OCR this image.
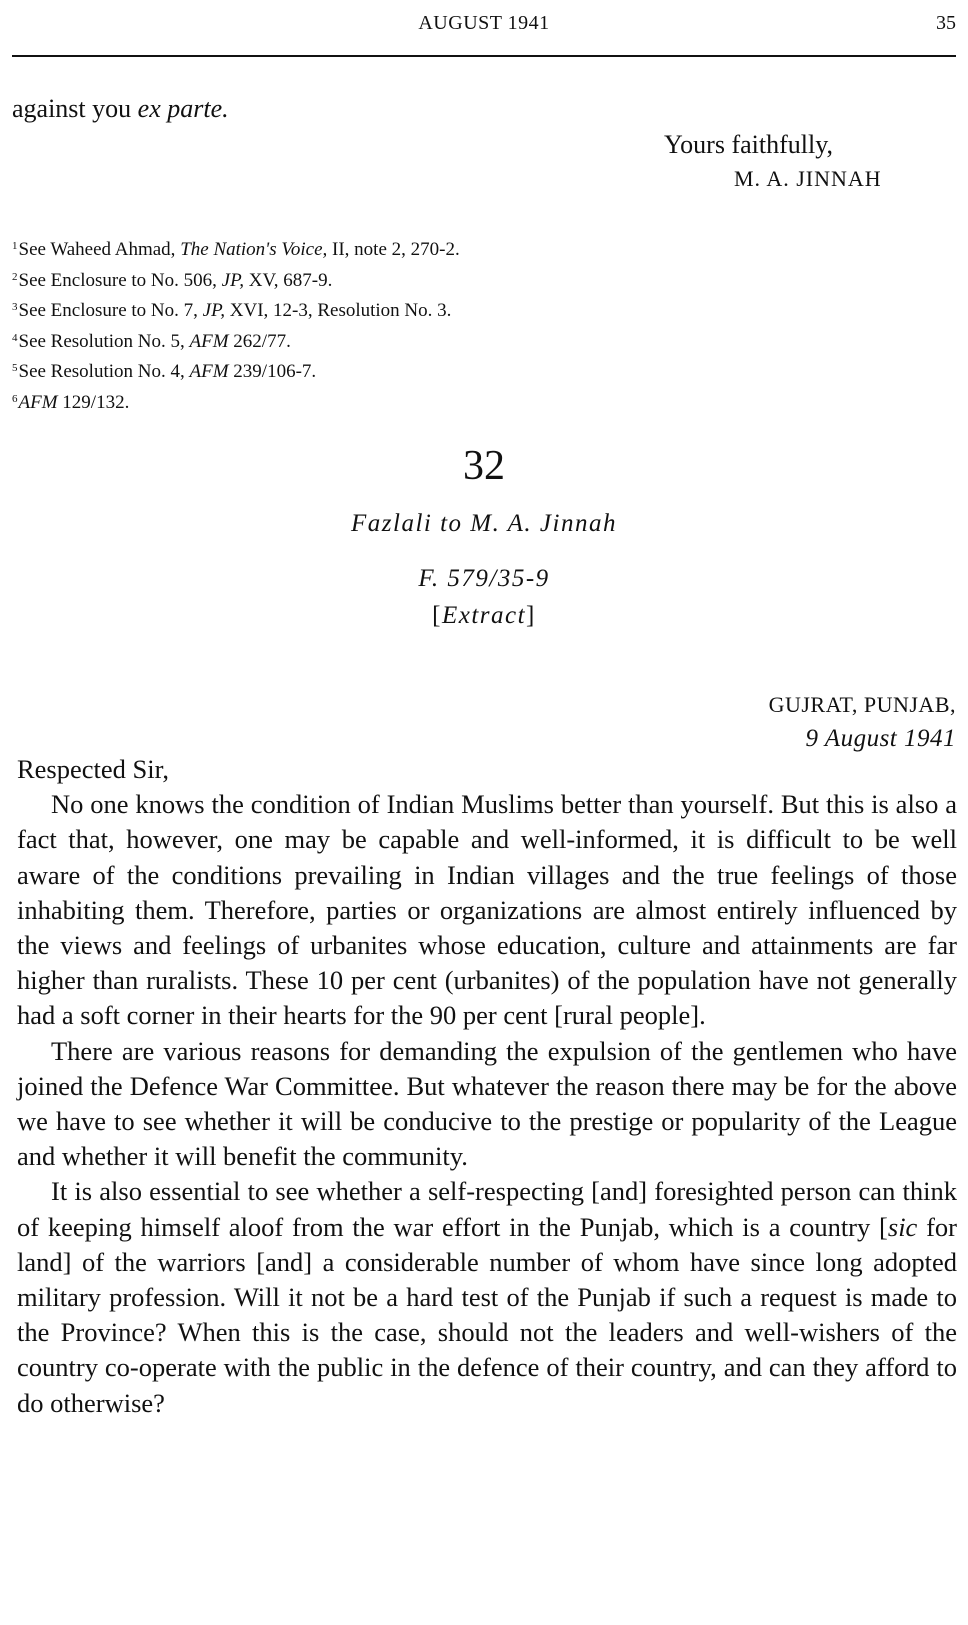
AUGUST 1941	35
against you ex parte.
Yours faithfully,
M. A. JINNAH
$^1$See Waheed Ahmad, The Nation's Voice, II, note 2, 270-2.
$^2$See Enclosure to No. 506, JP, XV, 687-9.
$^3$See Enclosure to No. 7, JP, XVI, 12-3, Resolution No. 3.
$^4$See Resolution No. 5, AFM 262/77.
$^5$See Resolution No. 4, AFM 239/106-7.
$^6$AFM 129/132.
32
Fazlali to M. A. Jinnah
F. 579/35-9
[Extract]
GUJRAT, PUNJAB,
9 August 1941
Respected Sir,

No one knows the condition of Indian Muslims better than yourself. But this is also a fact that, however, one may be capable and well-informed, it is difficult to be well aware of the conditions prevailing in Indian villages and the true feelings of those inhabiting them. Therefore, parties or organizations are almost entirely influenced by the views and feelings of urbanites whose education, culture and attainments are far higher than ruralists. These 10 per cent (urbanites) of the population have not generally had a soft corner in their hearts for the 90 per cent [rural people].

There are various reasons for demanding the expulsion of the gentlemen who have joined the Defence War Committee. But whatever the reason there may be for the above we have to see whether it will be conducive to the prestige or popularity of the League and whether it will benefit the community.

It is also essential to see whether a self-respecting [and] foresighted person can think of keeping himself aloof from the war effort in the Punjab, which is a country [sic for land] of the warriors [and] a considerable number of whom have since long adopted military profession. Will it not be a hard test of the Punjab if such a request is made to the Province? When this is the case, should not the leaders and well-wishers of the country co-operate with the public in the defence of their country, and can they afford to do otherwise?
